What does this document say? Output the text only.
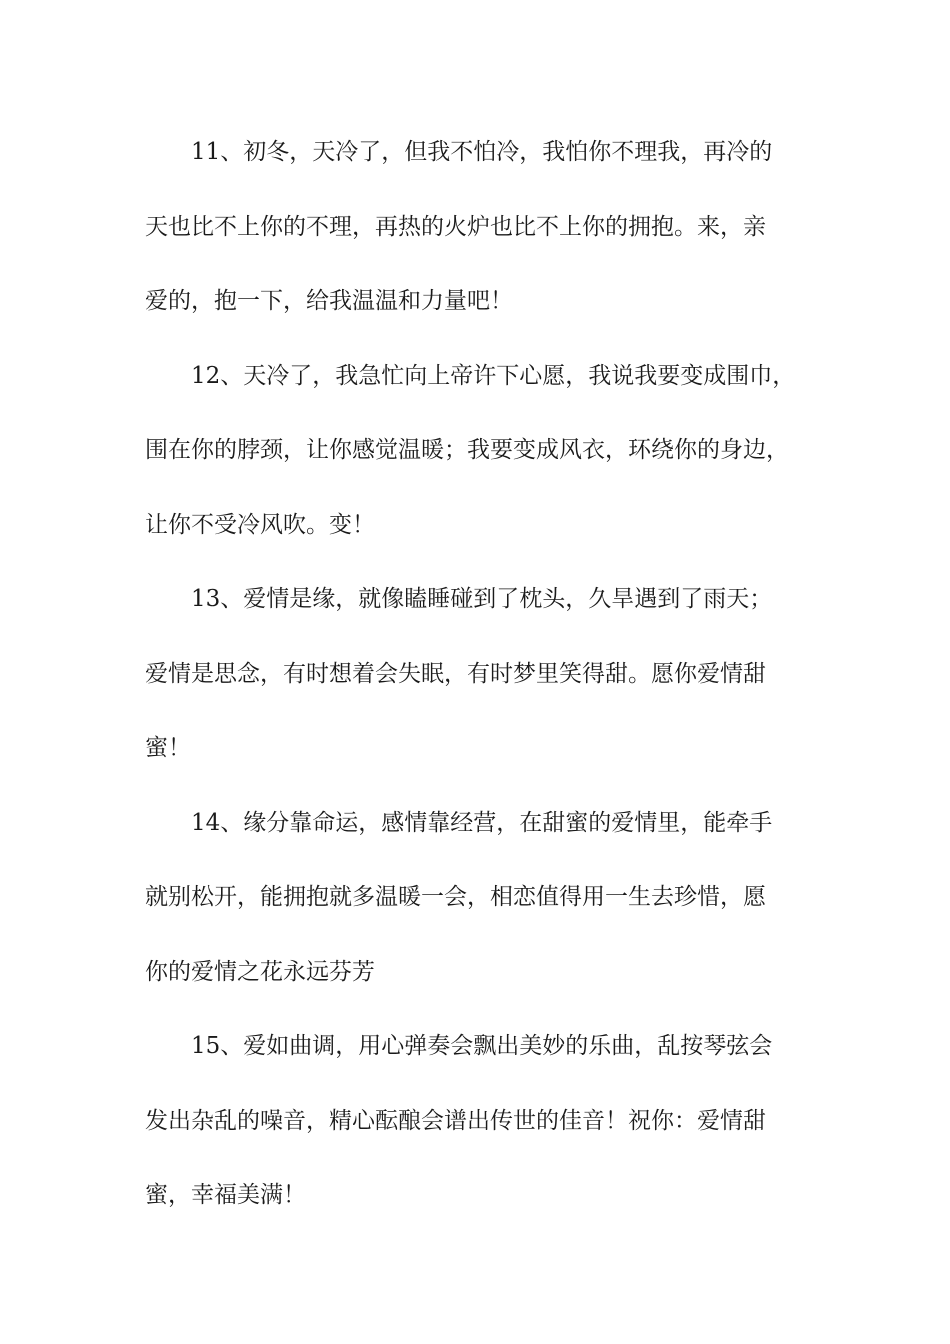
11、初冬，天冷了，但我不怕冷，我怕你不理我，再冷的
天也比不上你的不理，再热的火炉也比不上你的拥抱。来，亲
爱的，抱一下，给我温温和力量吧！
12、天冷了，我急忙向上帝许下心愿，我说我要变成围巾，
围在你的脖颈，让你感觉温暖；我要变成风衣，环绕你的身边，
让你不受冷风吹。变！
13、爱情是缘，就像瞌睡碰到了枕头，久旱遇到了雨天；
爱情是思念，有时想着会失眠，有时梦里笑得甜。愿你爱情甜
蜜！
14、缘分靠命运，感情靠经营，在甜蜜的爱情里，能牵手
就别松开，能拥抱就多温暖一会，相恋值得用一生去珍惜，愿
你的爱情之花永远芬芳
15、爱如曲调，用心弹奏会飘出美妙的乐曲，乱按琴弦会
发出杂乱的噪音，精心酝酿会谱出传世的佳音！祝你：爱情甜
蜜，幸福美满！
